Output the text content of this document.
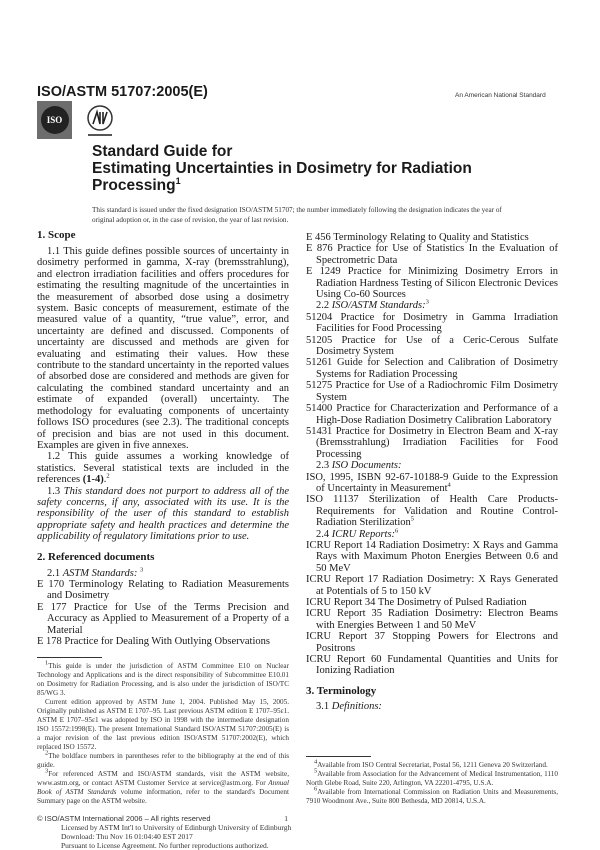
ISO/ASTM 51707:2005(E)	An American National Standard
ISO
Standard Guide for
Estimating Uncertainties in Dosimetry for Radiation
Processing$^1$
This standard is issued under the fixed designation ISO/ASTM 51707; the number immediately following the designation indicates the year of original adoption or, in the case of revision, the year of last revision.
1. Scope

1.1 This guide defines possible sources of uncertainty in dosimetry performed in gamma, X-ray (bremsstrahlung), and electron irradiation facilities and offers procedures for estimating the resulting magnitude of the uncertainties in the measurement of absorbed dose using a dosimetry system. Basic concepts of measurement, estimate of the measured value of a quantity, “true value”, error, and uncertainty are defined and discussed. Components of uncertainty are discussed and methods are given for evaluating and estimating their values. How these contribute to the standard uncertainty in the reported values of absorbed dose are considered and methods are given for calculating the combined standard uncertainty and an estimate of expanded (overall) uncertainty. The methodology for evaluating components of uncertainty follows ISO procedures (see 2.3). The traditional concepts of precision and bias are not used in this document. Examples are given in five annexes.

1.2 This guide assumes a working knowledge of statistics. Several statistical texts are included in the references (1-4).$^2$

1.3 This standard does not purport to address all of the safety concerns, if any, associated with its use. It is the responsibility of the user of this standard to establish appropriate safety and health practices and determine the applicability of regulatory limitations prior to use.

2. Referenced documents
2.1 ASTM Standards: $^3$
E 170 Terminology Relating to Radiation Measurements and Dosimetry
E 177 Practice for Use of the Terms Precision and Accuracy as Applied to Measurement of a Property of a Material
E 178 Practice for Dealing With Outlying Observations

$^1$This guide is under the jurisdiction of ASTM Committee E10 on Nuclear Technology and Applications and is the direct responsibility of Subcommittee E10.01 on Dosimetry for Radiation Processing, and is also under the jurisdiction of ISO/TC 85/WG 3.

Current edition approved by ASTM June 1, 2004. Published May 15, 2005. Originally published as ASTM E 1707–95. Last previous ASTM edition E 1707–95ε1. ASTM E 1707–95ε1 was adopted by ISO in 1998 with the intermediate designation ISO 15572:1998(E). The present International Standard ISO/ASTM 51707:2005(E) is a major revision of the last previous edition ISO/ASTM 51707:2002(E), which replaced ISO 15572.

$^2$The boldface numbers in parentheses refer to the bibliography at the end of this guide.

$^3$For referenced ASTM and ISO/ASTM standards, visit the ASTM website, www.astm.org, or contact ASTM Customer Service at service@astm.org. For Annual Book of ASTM Standards volume information, refer to the standard's Document Summary page on the ASTM website.

E 456 Terminology Relating to Quality and Statistics
E 876 Practice for Use of Statistics In the Evaluation of Spectrometric Data
E 1249 Practice for Minimizing Dosimetry Errors in Radiation Hardness Testing of Silicon Electronic Devices Using Co-60 Sources
2.2 ISO/ASTM Standards:$^3$
51204 Practice for Dosimetry in Gamma Irradiation Facilities for Food Processing
51205 Practice for Use of a Ceric-Cerous Sulfate Dosimetry System
51261 Guide for Selection and Calibration of Dosimetry Systems for Radiation Processing
51275 Practice for Use of a Radiochromic Film Dosimetry System
51400 Practice for Characterization and Performance of a High-Dose Radiation Dosimetry Calibration Laboratory
51431 Practice for Dosimetry in Electron Beam and X-ray (Bremsstrahlung) Irradiation Facilities for Food Processing
2.3 ISO Documents:
ISO, 1995, ISBN 92-67-10188-9 Guide to the Expression of Uncertainty in Measurement$^4$
ISO 11137 Sterilization of Health Care Products-Requirements for Validation and Routine Control-Radiation Sterilization$^5$
2.4 ICRU Reports:$^6$
ICRU Report 14 Radiation Dosimetry: X Rays and Gamma Rays with Maximum Photon Energies Between 0.6 and 50 MeV
ICRU Report 17 Radiation Dosimetry: X Rays Generated at Potentials of 5 to 150 kV
ICRU Report 34 The Dosimetry of Pulsed Radiation
ICRU Report 35 Radiation Dosimetry: Electron Beams with Energies Between 1 and 50 MeV
ICRU Report 37 Stopping Powers for Electrons and Positrons
ICRU Report 60 Fundamental Quantities and Units for Ionizing Radiation
3. Terminology
3.1 Definitions:

$^4$Available from ISO Central Secretariat, Postal 56, 1211 Geneva 20 Switzerland.

$^5$Available from Association for the Advancement of Medical Instrumentation, 1110 North Glebe Road, Suite 220, Arlington, VA 22201-4795, U.S.A.

$^6$Available from International Commission on Radiation Units and Measurements, 7910 Woodmont Ave., Suite 800 Bethesda, MD 20814, U.S.A.

© ISO/ASTM International 2006 – All rights reserved	1
Licensed by ASTM Int'l to University of Edinburgh University of Edinburgh
Download: Thu Nov 16 01:04:40 EST 2017
Pursuant to License Agreement. No further reproductions authorized.
